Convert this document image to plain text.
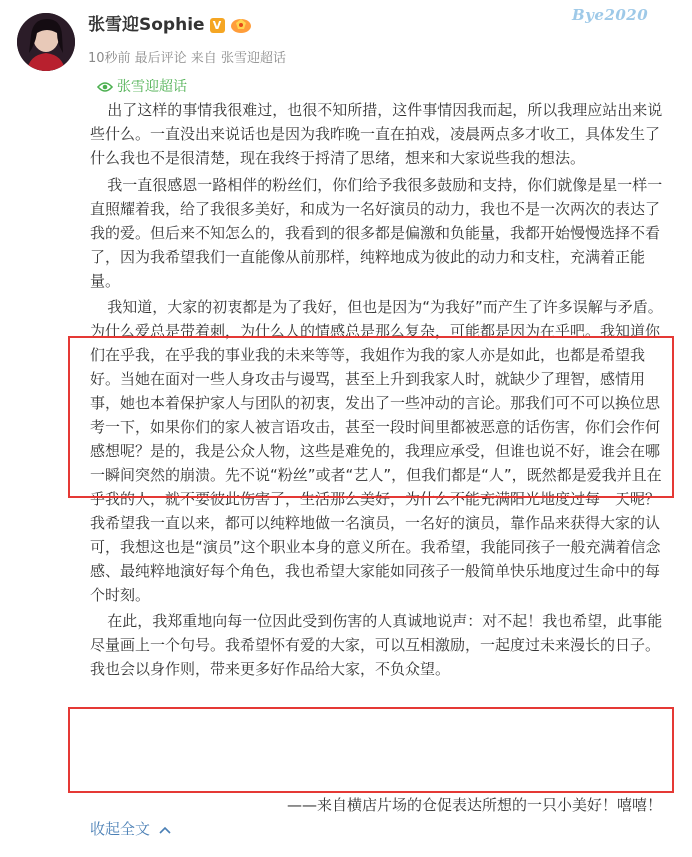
张雪迎Sophie V
10秒前 最后评论 来自 张雪迎超话
Bye2020
张雪迎超话

出了这样的事情我很难过，也很不知所措，这件事情因我而起，所以我理应站出来说些什么。一直没出来说话也是因为我昨晚一直在拍戏，凌晨两点多才收工，具体发生了什么我也不是很清楚，现在我终于捋清了思绪，想来和大家说些我的想法。

我一直很感恩一路相伴的粉丝们，你们给予我很多鼓励和支持，你们就像是星一样一直照耀着我，给了我很多美好，和成为一名好演员的动力，我也不是一次两次的表达了我的爱。但后来不知怎么的，我看到的很多都是偏激和负能量，我都开始慢慢选择不看了，因为我希望我们一直能像从前那样，纯粹地成为彼此的动力和支柱，充满着正能量。

我知道，大家的初衷都是为了我好，但也是因为“为我好”而产生了许多误解与矛盾。为什么爱总是带着刺，为什么人的情感总是那么复杂，可能都是因为在乎吧。我知道你们在乎我，在乎我的事业我的未来等等，我姐作为我的家人亦是如此，也都是希望我好。当她在面对一些人身攻击与谩骂，甚至上升到我家人时，就缺少了理智，感情用事，她也本着保护家人与团队的初衷，发出了一些冲动的言论。那我们可不可以换位思考一下，如果你们的家人被言语攻击，甚至一段时间里都被恶意的话伤害，你们会作何感想呢？是的，我是公众人物，这些是难免的，我理应承受，但谁也说不好，谁会在哪一瞬间突然的崩溃。先不说“粉丝”或者“艺人”，但我们都是“人”，既然都是爱我并且在乎我的人，就不要彼此伤害了，生活那么美好，为什么不能充满阳光地度过每一天呢？我希望我一直以来，都可以纯粹地做一名演员，一名好的演员，靠作品来获得大家的认可，我想这也是“演员”这个职业本身的意义所在。我希望，我能同孩子一般充满着信念感、最纯粹地演好每个角色，我也希望大家能如同孩子一般简单快乐地度过生命中的每个时刻。

在此，我郑重地向每一位因此受到伤害的人真诚地说声：对不起！我也希望，此事能尽量画上一个句号。我希望怀有爱的大家，可以互相激励，一起度过未来漫长的日子。我也会以身作则，带来更多好作品给大家，不负众望。

——来自横店片场的仓促表达所想的一只小美好！嘻嘻！
收起全文
